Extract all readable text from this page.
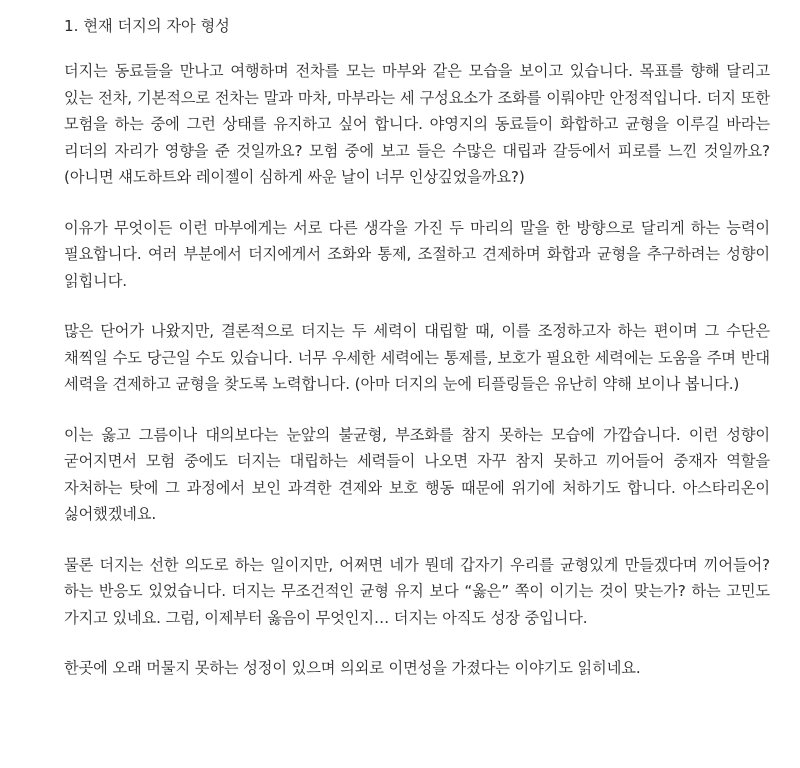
1. 현재 더지의 자아 형성

더지는 동료들을 만나고 여행하며 전차를 모는 마부와 같은 모습을 보이고 있습니다. 목표를 향해 달리고 있는 전차, 기본적으로 전차는 말과 마차, 마부라는 세 구성요소가 조화를 이뤄야만 안정적입니다. 더지 또한 모험을 하는 중에 그런 상태를 유지하고 싶어 합니다. 야영지의 동료들이 화합하고 균형을 이루길 바라는 리더의 자리가 영향을 준 것일까요? 모험 중에 보고 들은 수많은 대립과 갈등에서 피로를 느낀 것일까요? (아니면 섀도하트와 레이젤이 심하게 싸운 날이 너무 인상깊었을까요?)

이유가 무엇이든 이런 마부에게는 서로 다른 생각을 가진 두 마리의 말을 한 방향으로 달리게 하는 능력이 필요합니다. 여러 부분에서 더지에게서 조화와 통제, 조절하고 견제하며 화합과 균형을 추구하려는 성향이 읽힙니다.

많은 단어가 나왔지만, 결론적으로 더지는 두 세력이 대립할 때, 이를 조정하고자 하는 편이며 그 수단은 채찍일 수도 당근일 수도 있습니다. 너무 우세한 세력에는 통제를, 보호가 필요한 세력에는 도움을 주며 반대 세력을 견제하고 균형을 찾도록 노력합니다. (아마 더지의 눈에 티플링들은 유난히 약해 보이나 봅니다.)

이는 옳고 그름이나 대의보다는 눈앞의 불균형, 부조화를 참지 못하는 모습에 가깝습니다. 이런 성향이 굳어지면서 모험 중에도 더지는 대립하는 세력들이 나오면 자꾸 참지 못하고 끼어들어 중재자 역할을 자처하는 탓에 그 과정에서 보인 과격한 견제와 보호 행동 때문에 위기에 처하기도 합니다. 아스타리온이 싫어했겠네요.

물론 더지는 선한 의도로 하는 일이지만, 어쩌면 네가 뭔데 갑자기 우리를 균형있게 만들겠다며 끼어들어? 하는 반응도 있었습니다. 더지는 무조건적인 균형 유지 보다 “옳은” 쪽이 이기는 것이 맞는가? 하는 고민도 가지고 있네요. 그럼, 이제부터 옳음이 무엇인지… 더지는 아직도 성장 중입니다.

한곳에 오래 머물지 못하는 성정이 있으며 의외로 이면성을 가졌다는 이야기도 읽히네요.
